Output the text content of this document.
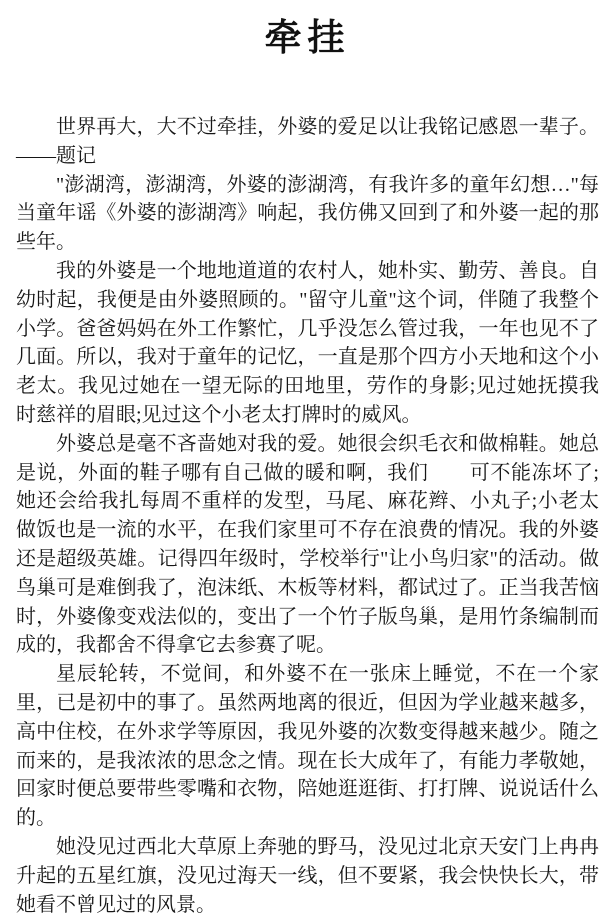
牵挂

世界再大，大不过牵挂，外婆的爱足以让我铭记感恩一辈子。——题记

"澎湖湾，澎湖湾，外婆的澎湖湾，有我许多的童年幻想…"每当童年谣《外婆的澎湖湾》响起，我仿佛又回到了和外婆一起的那些年。

我的外婆是一个地地道道的农村人，她朴实、勤劳、善良。自幼时起，我便是由外婆照顾的。"留守儿童"这个词，伴随了我整个小学。爸爸妈妈在外工作繁忙，几乎没怎么管过我，一年也见不了几面。所以，我对于童年的记忆，一直是那个四方小天地和这个小老太。我见过她在一望无际的田地里，劳作的身影;见过她抚摸我时慈祥的眉眼;见过这个小老太打牌时的威风。

外婆总是毫不吝啬她对我的爱。她很会织毛衣和做棉鞋。她总是说，外面的鞋子哪有自己做的暖和啊，我们　　可不能冻坏了;她还会给我扎每周不重样的发型，马尾、麻花辫、小丸子;小老太做饭也是一流的水平，在我们家里可不存在浪费的情况。我的外婆还是超级英雄。记得四年级时，学校举行"让小鸟归家"的活动。做鸟巢可是难倒我了，泡沫纸、木板等材料，都试过了。正当我苦恼时，外婆像变戏法似的，变出了一个竹子版鸟巢，是用竹条编制而成的，我都舍不得拿它去参赛了呢。

星辰轮转，不觉间，和外婆不在一张床上睡觉，不在一个家里，已是初中的事了。虽然两地离的很近，但因为学业越来越多，高中住校，在外求学等原因，我见外婆的次数变得越来越少。随之而来的，是我浓浓的思念之情。现在长大成年了，有能力孝敬她，回家时便总要带些零嘴和衣物，陪她逛逛街、打打牌、说说话什么的。

她没见过西北大草原上奔驰的野马，没见过北京天安门上冉冉升起的五星红旗，没见过海天一线，但不要紧，我会快快长大，带她看不曾见过的风景。
